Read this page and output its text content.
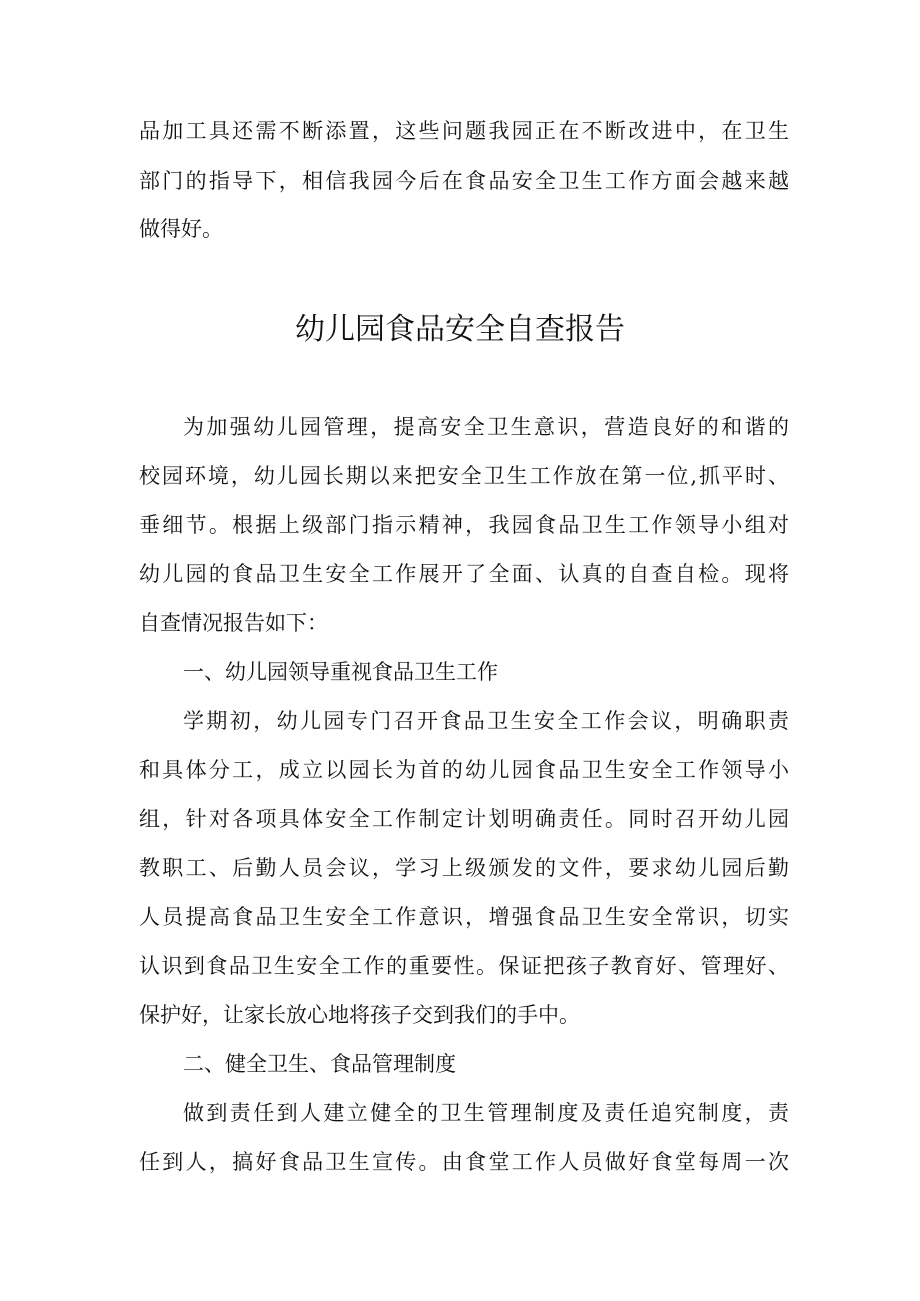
品加工具还需不断添置，这些问题我园正在不断改进中，在卫生
部门的指导下，相信我园今后在食品安全卫生工作方面会越来越
做得好。
幼儿园食品安全自查报告
为加强幼儿园管理，提高安全卫生意识，营造良好的和谐的
校园环境，幼儿园长期以来把安全卫生工作放在第一位,抓平时、
垂细节。根据上级部门指示精神，我园食品卫生工作领导小组对
幼儿园的食品卫生安全工作展开了全面、认真的自查自检。现将
自查情况报告如下：
一、幼儿园领导重视食品卫生工作
学期初，幼儿园专门召开食品卫生安全工作会议，明确职责
和具体分工，成立以园长为首的幼儿园食品卫生安全工作领导小
组，针对各项具体安全工作制定计划明确责任。同时召开幼儿园
教职工、后勤人员会议，学习上级颁发的文件，要求幼儿园后勤
人员提高食品卫生安全工作意识，增强食品卫生安全常识，切实
认识到食品卫生安全工作的重要性。保证把孩子教育好、管理好、
保护好，让家长放心地将孩子交到我们的手中。
二、健全卫生、食品管理制度
做到责任到人建立健全的卫生管理制度及责任追究制度，责
任到人，搞好食品卫生宣传。由食堂工作人员做好食堂每周一次
